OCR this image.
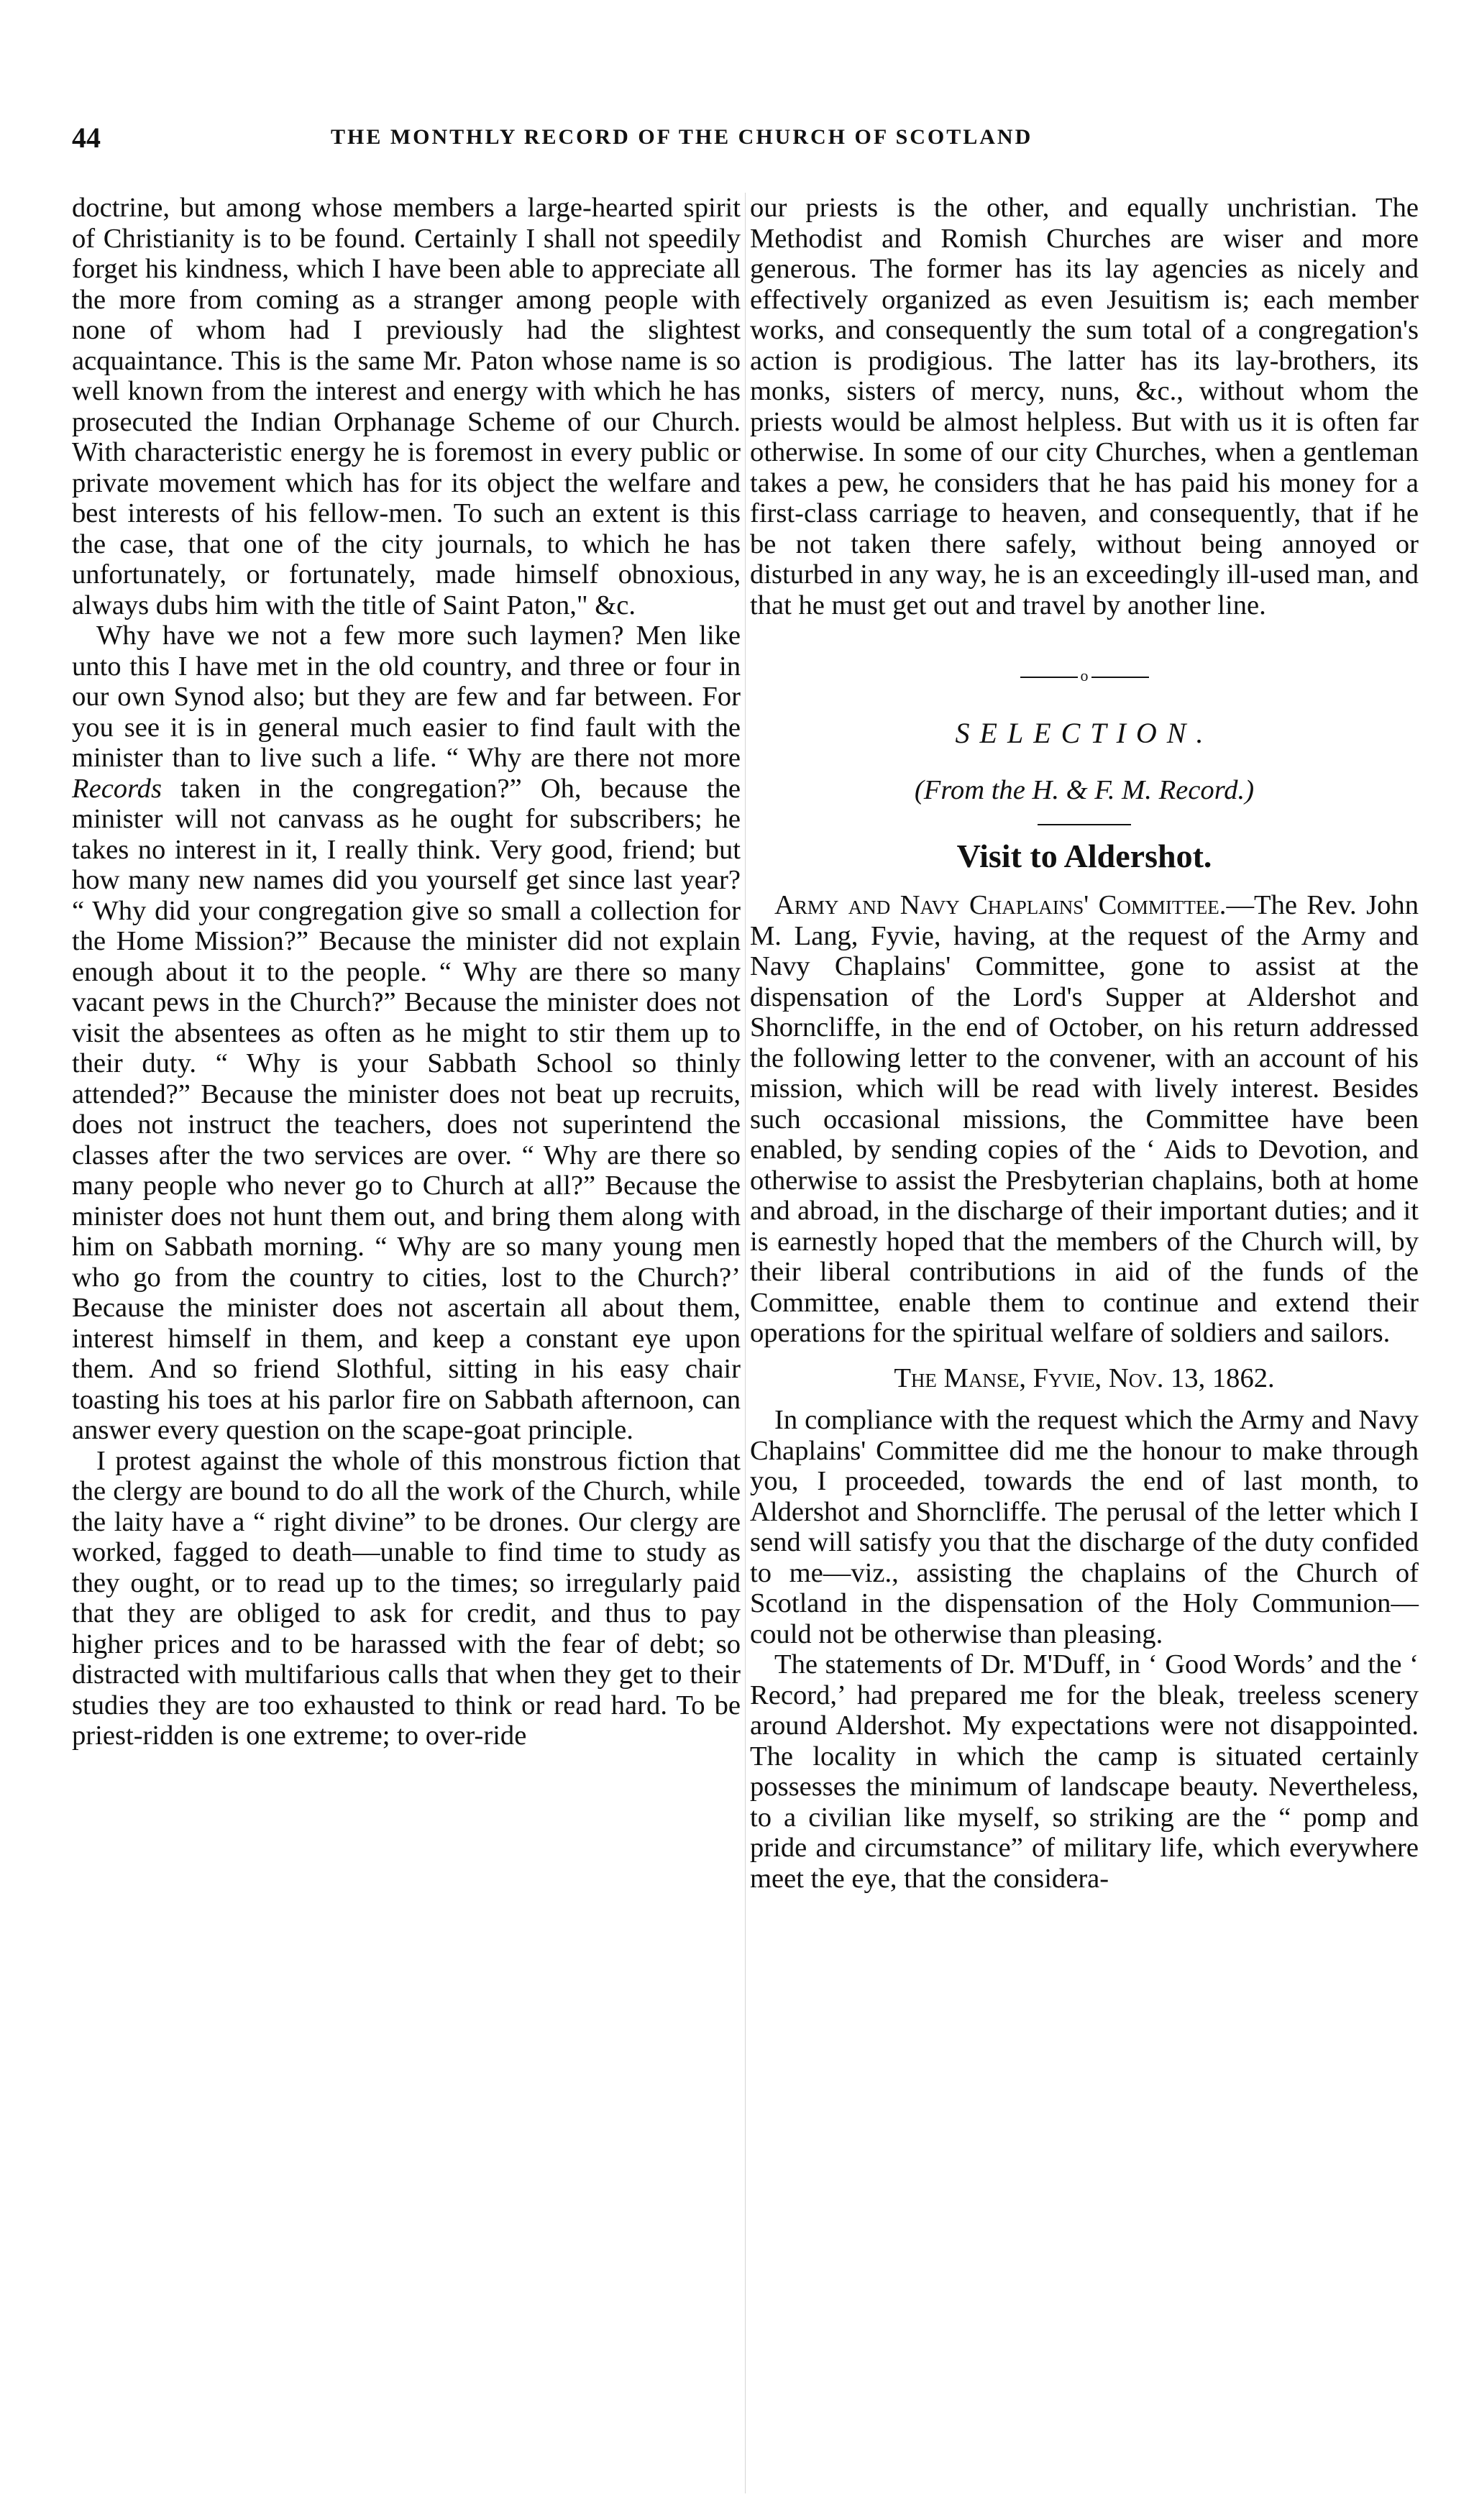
44	THE MONTHLY RECORD OF THE CHURCH OF SCOTLAND

doctrine, but among whose members a large-hearted spirit of Christianity is to be found. Certainly I shall not speedily forget his kindness, which I have been able to appreciate all the more from coming as a stranger among people with none of whom had I previously had the slightest acquaintance. This is the same Mr. Paton whose name is so well known from the interest and energy with which he has prosecuted the Indian Orphanage Scheme of our Church. With characteristic energy he is foremost in every public or private movement which has for its object the welfare and best interests of his fellow-men. To such an extent is this the case, that one of the city journals, to which he has unfortunately, or fortunately, made himself obnoxious, always dubs him with the title of Saint Paton," &c.

Why have we not a few more such laymen? Men like unto this I have met in the old country, and three or four in our own Synod also; but they are few and far between. For you see it is in general much easier to find fault with the minister than to live such a life. “ Why are there not more Records taken in the congregation?” Oh, because the minister will not canvass as he ought for subscribers; he takes no interest in it, I really think. Very good, friend; but how many new names did you yourself get since last year? “ Why did your congregation give so small a collection for the Home Mission?” Because the minister did not explain enough about it to the people. “ Why are there so many vacant pews in the Church?” Because the minister does not visit the absentees as often as he might to stir them up to their duty. “ Why is your Sabbath School so thinly attended?” Because the minister does not beat up recruits, does not instruct the teachers, does not superintend the classes after the two services are over. “ Why are there so many people who never go to Church at all?” Because the minister does not hunt them out, and bring them along with him on Sabbath morning. “ Why are so many young men who go from the country to cities, lost to the Church?’ Because the minister does not ascertain all about them, interest himself in them, and keep a constant eye upon them. And so friend Slothful, sitting in his easy chair toasting his toes at his parlor fire on Sabbath afternoon, can answer every question on the scape-goat principle.

I protest against the whole of this monstrous fiction that the clergy are bound to do all the work of the Church, while the laity have a “ right divine” to be drones. Our clergy are worked, fagged to death—unable to find time to study as they ought, or to read up to the times; so irregularly paid that they are obliged to ask for credit, and thus to pay higher prices and to be harassed with the fear of debt; so distracted with multifarious calls that when they get to their studies they are too exhausted to think or read hard. To be priest-ridden is one extreme; to over-ride

our priests is the other, and equally unchristian. The Methodist and Romish Churches are wiser and more generous. The former has its lay agencies as nicely and effectively organized as even Jesuitism is; each member works, and consequently the sum total of a congregation's action is prodigious. The latter has its lay-brothers, its monks, sisters of mercy, nuns, &c., without whom the priests would be almost helpless. But with us it is often far otherwise. In some of our city Churches, when a gentleman takes a pew, he considers that he has paid his money for a first-class carriage to heaven, and consequently, that if he be not taken there safely, without being annoyed or disturbed in any way, he is an exceedingly ill-used man, and that he must get out and travel by another line.

o
SELECTION.
(From the H. & F. M. Record.)
Visit to Aldershot.

Army and Navy Chaplains' Committee.—The Rev. John M. Lang, Fyvie, having, at the request of the Army and Navy Chaplains' Committee, gone to assist at the dispensation of the Lord's Supper at Aldershot and Shorncliffe, in the end of October, on his return addressed the following letter to the convener, with an account of his mission, which will be read with lively interest. Besides such occasional missions, the Committee have been enabled, by sending copies of the ‘ Aids to Devotion, and otherwise to assist the Presbyterian chaplains, both at home and abroad, in the discharge of their important duties; and it is earnestly hoped that the members of the Church will, by their liberal contributions in aid of the funds of the Committee, enable them to continue and extend their operations for the spiritual welfare of soldiers and sailors.

The Manse, Fyvie, Nov. 13, 1862.

In compliance with the request which the Army and Navy Chaplains' Committee did me the honour to make through you, I proceeded, towards the end of last month, to Aldershot and Shorncliffe. The perusal of the letter which I send will satisfy you that the discharge of the duty confided to me—viz., assisting the chaplains of the Church of Scotland in the dispensation of the Holy Communion—could not be otherwise than pleasing.

The statements of Dr. M'Duff, in ‘ Good Words’ and the ‘ Record,’ had prepared me for the bleak, treeless scenery around Aldershot. My expectations were not disappointed. The locality in which the camp is situated certainly possesses the minimum of landscape beauty. Nevertheless, to a civilian like myself, so striking are the “ pomp and pride and circumstance” of military life, which everywhere meet the eye, that the considera-
